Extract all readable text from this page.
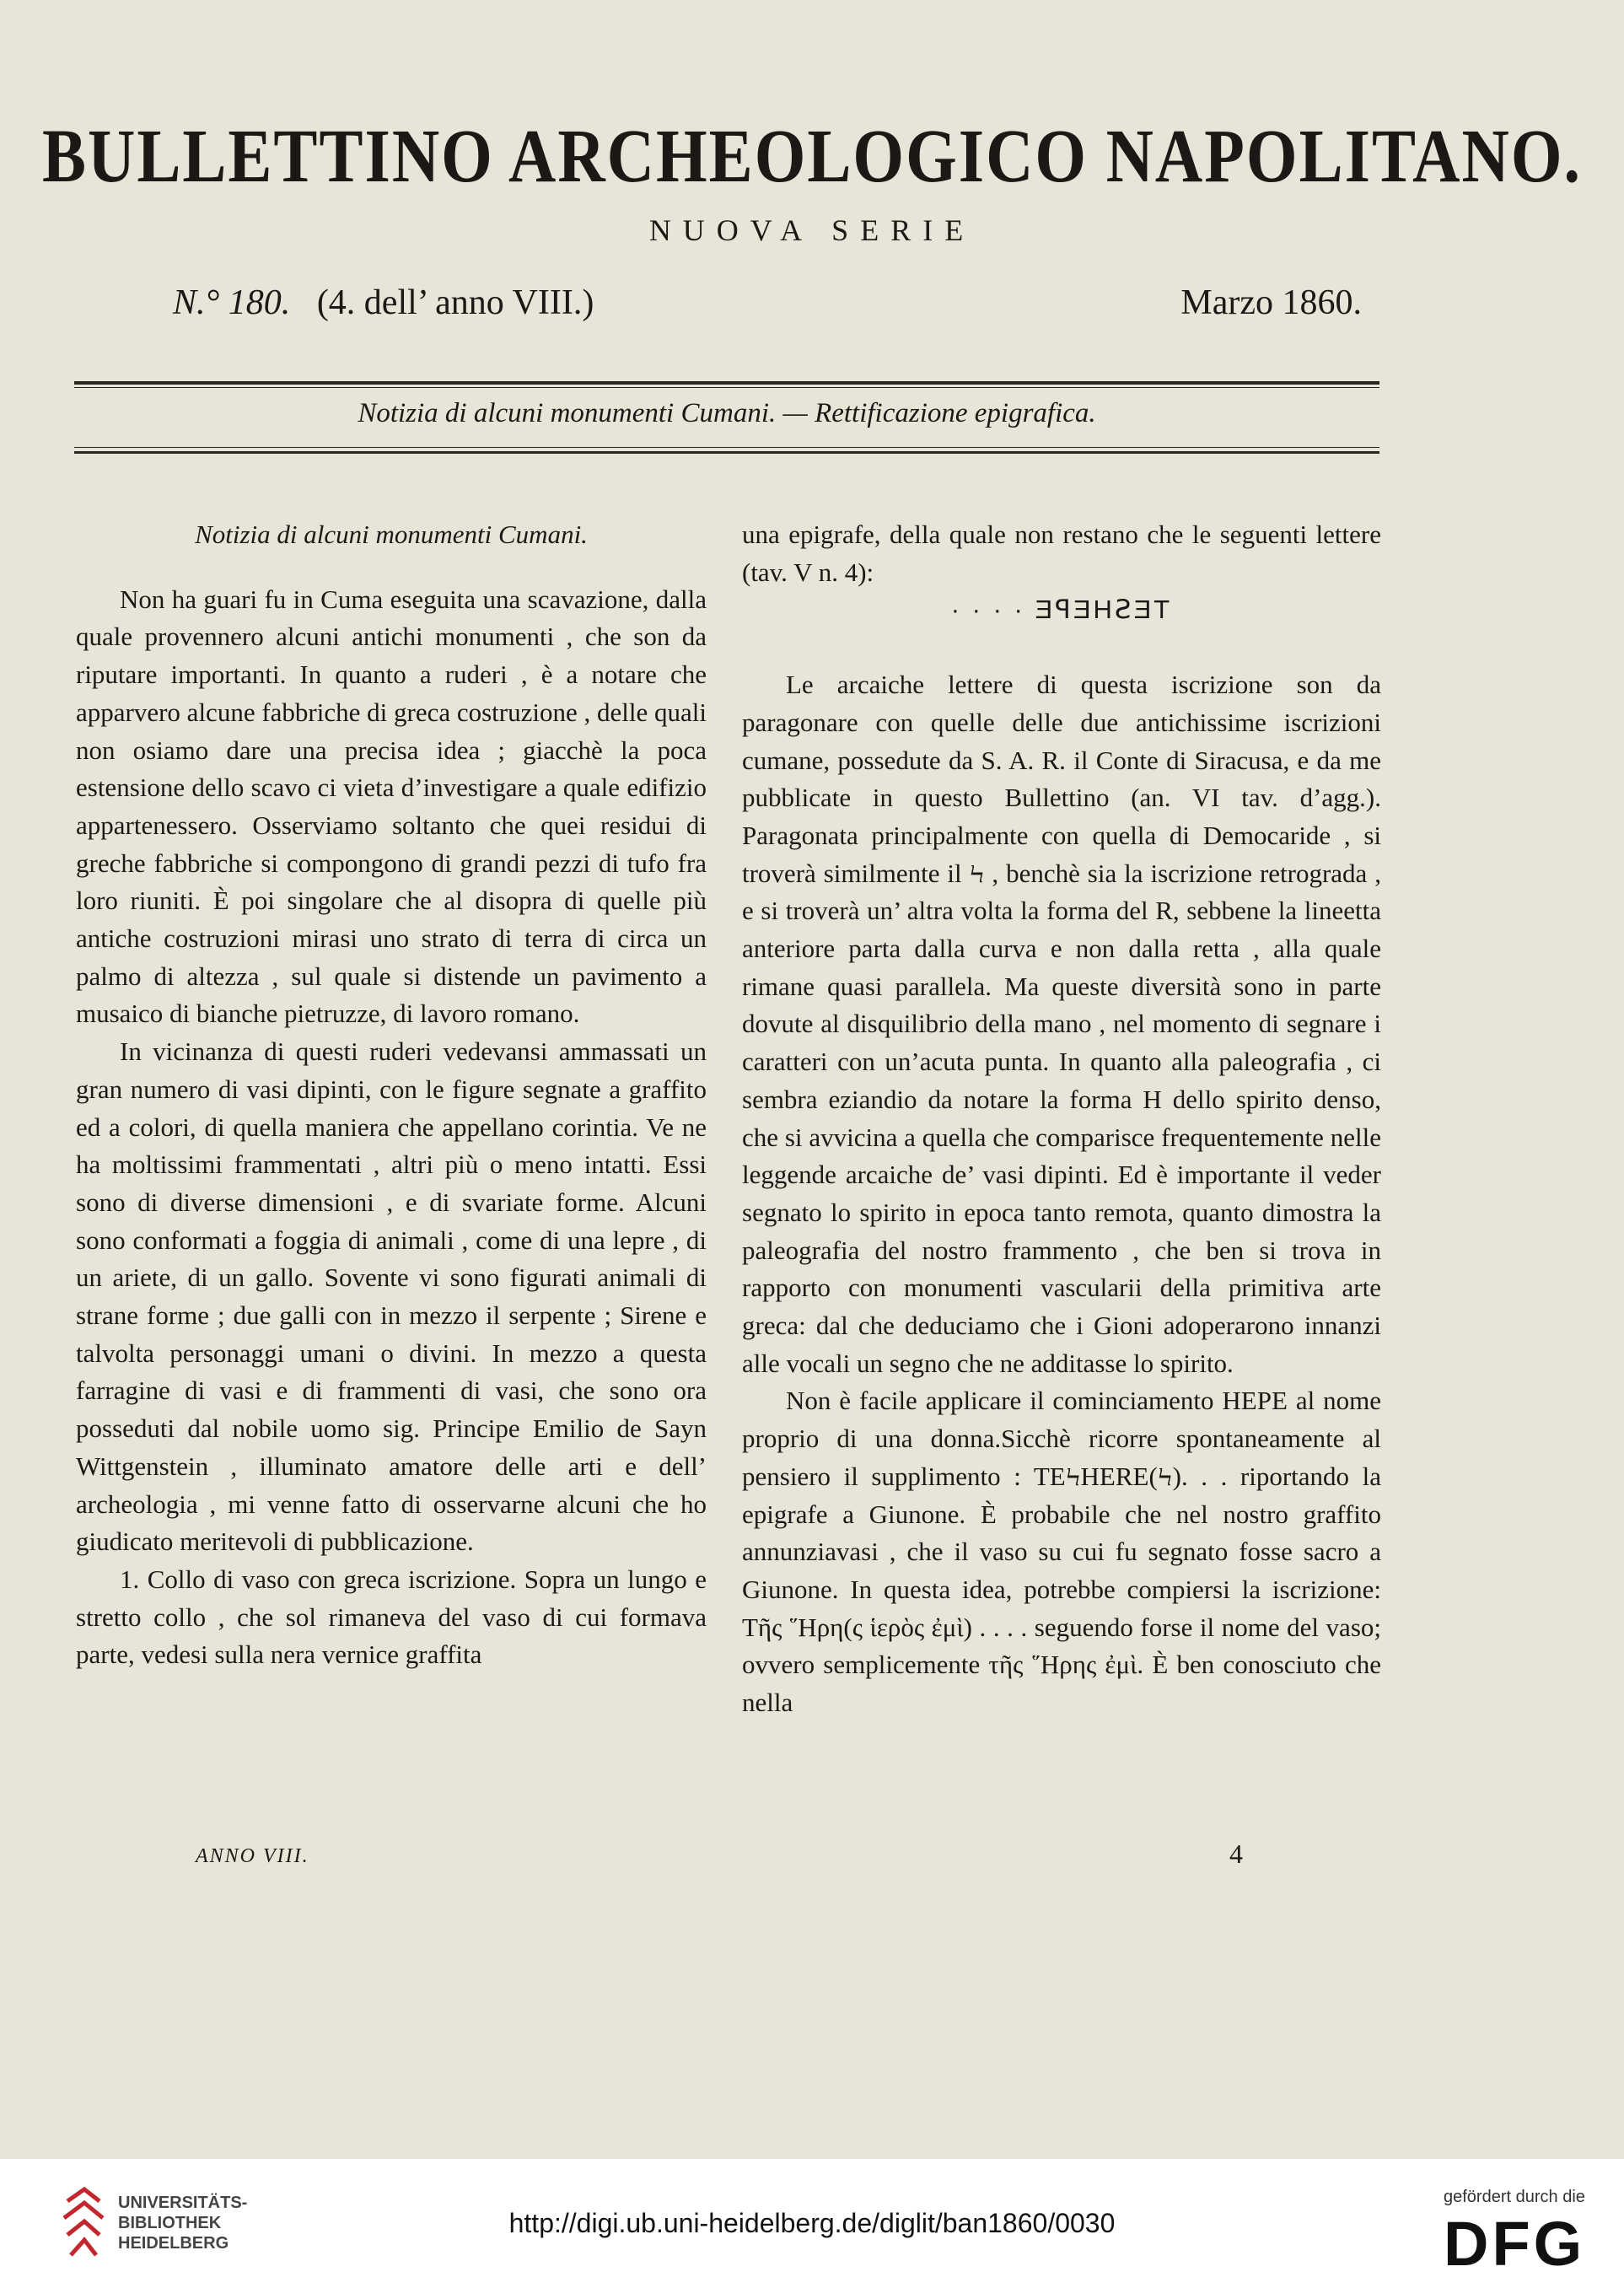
BULLETTINO ARCHEOLOGICO NAPOLITANO.
NUOVA SERIE
N.° 180. (4. dell’ anno VIII.)	Marzo 1860.
Notizia di alcuni monumenti Cumani. — Rettificazione epigrafica.

Notizia di alcuni monumenti Cumani.

Non ha guari fu in Cuma eseguita una scavazione, dalla quale provennero alcuni antichi monumenti , che son da riputare importanti. In quanto a ruderi , è a notare che apparvero alcune fabbriche di greca costruzione , delle quali non osiamo dare una precisa idea ; giacchè la poca estensione dello scavo ci vieta d’investigare a quale edifizio appartenessero. Osserviamo soltanto che quei residui di greche fabbriche si compongono di grandi pezzi di tufo fra loro riuniti. È poi singolare che al disopra di quelle più antiche costruzioni mirasi uno strato di terra di circa un palmo di altezza , sul quale si distende un pavimento a musaico di bianche pietruzze, di lavoro romano.

In vicinanza di questi ruderi vedevansi ammassati un gran numero di vasi dipinti, con le figure segnate a graffito ed a colori, di quella maniera che appellano corintia. Ve ne ha moltissimi frammentati , altri più o meno intatti. Essi sono di diverse dimensioni , e di svariate forme. Alcuni sono conformati a foggia di animali , come di una lepre , di un ariete, di un gallo. Sovente vi sono figurati animali di strane forme ; due galli con in mezzo il serpente ; Sirene e talvolta personaggi umani o divini. In mezzo a questa farragine di vasi e di frammenti di vasi, che sono ora posseduti dal nobile uomo sig. Principe Emilio de Sayn Wittgenstein , illuminato amatore delle arti e dell’ archeologia , mi venne fatto di osservarne alcuni che ho giudicato meritevoli di pubblicazione.

1. Collo di vaso con greca iscrizione. Sopra un lungo e stretto collo , che sol rimaneva del vaso di cui formava parte, vedesi sulla nera vernice graffita

una epigrafe, della quale non restano che le seguenti lettere (tav. V n. 4):

· · · · ƎꟼƎHꙄƎT

Le arcaiche lettere di questa iscrizione son da paragonare con quelle delle due antichissime iscrizioni cumane, possedute da S. A. R. il Conte di Siracusa, e da me pubblicate in questo Bullettino (an. VI tav. d’agg.). Paragonata principalmente con quella di Democaride , si troverà similmente il Ϟ , benchè sia la iscrizione retrograda , e si troverà un’ altra volta la forma del R, sebbene la lineetta anteriore parta dalla curva e non dalla retta , alla quale rimane quasi parallela. Ma queste diversità sono in parte dovute al disquilibrio della mano , nel momento di segnare i caratteri con un’acuta punta. In quanto alla paleografia , ci sembra eziandio da notare la forma H dello spirito denso, che si avvicina a quella che comparisce frequentemente nelle leggende arcaiche de’ vasi dipinti. Ed è importante il veder segnato lo spirito in epoca tanto remota, quanto dimostra la paleografia del nostro frammento , che ben si trova in rapporto con monumenti vascularii della primitiva arte greca: dal che deduciamo che i Gioni adoperarono innanzi alle vocali un segno che ne additasse lo spirito.

Non è facile applicare il cominciamento HEPE al nome proprio di una donna.Sicchè ricorre spontaneamente al pensiero il supplimento : TEϞHERE(Ϟ). . . riportando la epigrafe a Giunone. È probabile che nel nostro graffito annunziavasi , che il vaso su cui fu segnato fosse sacro a Giunone. In questa idea, potrebbe compiersi la iscrizione: Τῆς ῞Ηρη(ς ἱερὸς ἐμὶ) . . . . seguendo forse il nome del vaso; ovvero semplicemente τῆς ῞Ηρης ἐμὶ. È ben conosciuto che nella

ANNO VIII.	4
UNIVERSITÄTS-
BIBLIOTHEK
HEIDELBERG
http://digi.ub.uni-heidelberg.de/diglit/ban1860/0030
gefördert durch die
DFG
